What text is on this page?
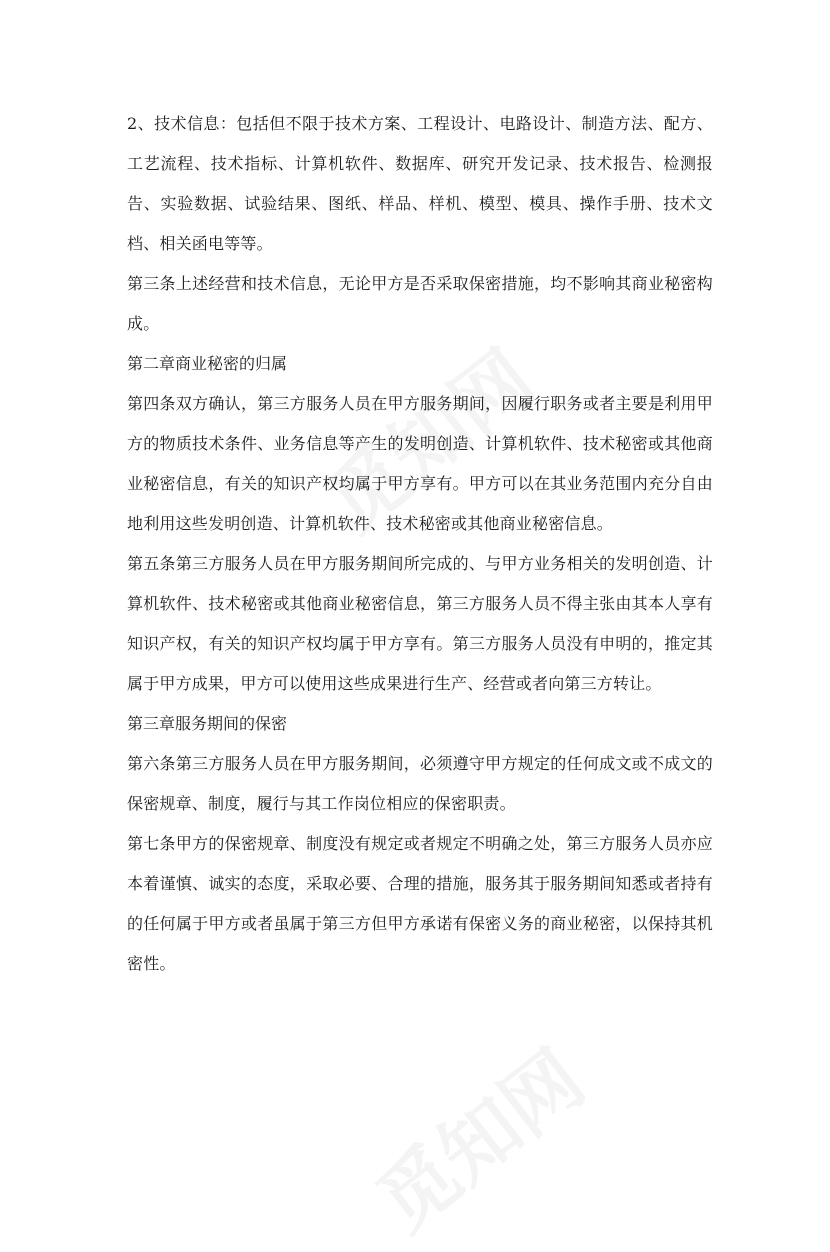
2、技术信息：包括但不限于技术方案、工程设计、电路设计、制造方法、配方、工艺流程、技术指标、计算机软件、数据库、研究开发记录、技术报告、检测报告、实验数据、试验结果、图纸、样品、样机、模型、模具、操作手册、技术文档、相关函电等等。

第三条上述经营和技术信息，无论甲方是否采取保密措施，均不影响其商业秘密构成。

第二章商业秘密的归属

第四条双方确认，第三方服务人员在甲方服务期间，因履行职务或者主要是利用甲方的物质技术条件、业务信息等产生的发明创造、计算机软件、技术秘密或其他商业秘密信息，有关的知识产权均属于甲方享有。甲方可以在其业务范围内充分自由地利用这些发明创造、计算机软件、技术秘密或其他商业秘密信息。

第五条第三方服务人员在甲方服务期间所完成的、与甲方业务相关的发明创造、计算机软件、技术秘密或其他商业秘密信息，第三方服务人员不得主张由其本人享有知识产权，有关的知识产权均属于甲方享有。第三方服务人员没有申明的，推定其属于甲方成果，甲方可以使用这些成果进行生产、经营或者向第三方转让。

第三章服务期间的保密

第六条第三方服务人员在甲方服务期间，必须遵守甲方规定的任何成文或不成文的保密规章、制度，履行与其工作岗位相应的保密职责。

第七条甲方的保密规章、制度没有规定或者规定不明确之处，第三方服务人员亦应本着谨慎、诚实的态度，采取必要、合理的措施，服务其于服务期间知悉或者持有的任何属于甲方或者虽属于第三方但甲方承诺有保密义务的商业秘密，以保持其机密性。
